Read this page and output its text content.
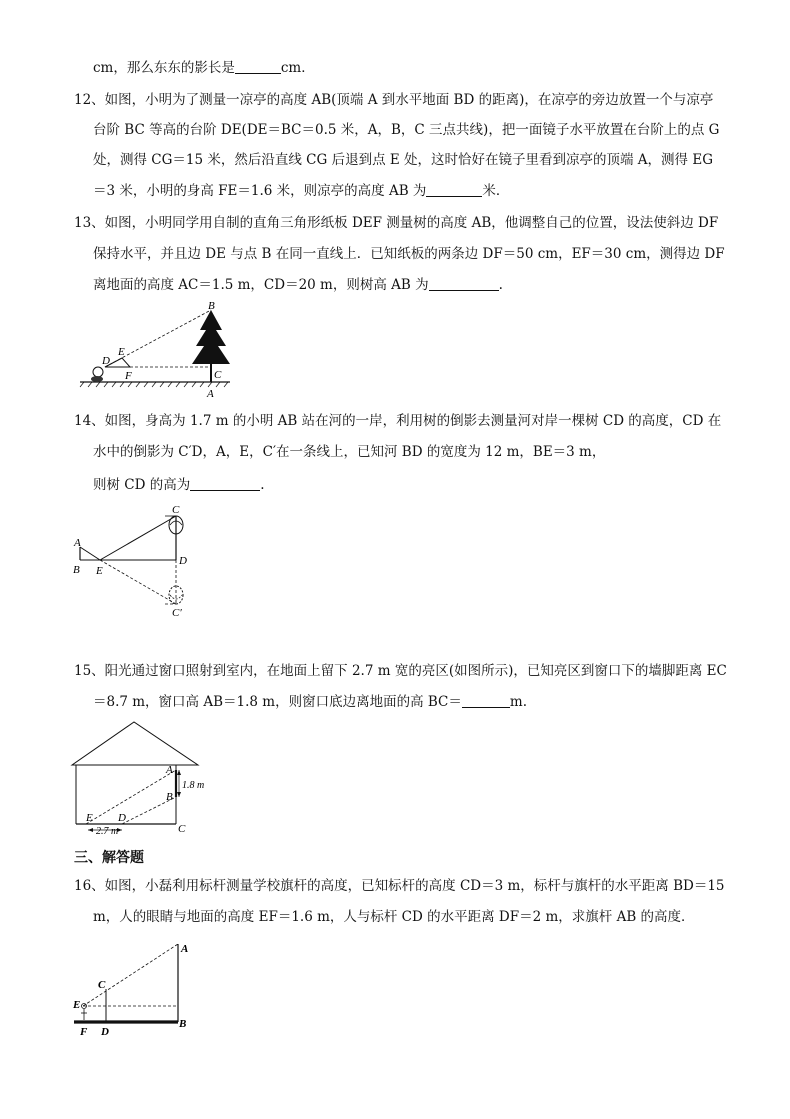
cm，那么东东的影长是	cm．
12、如图，小明为了测量一凉亭的高度 AB(顶端 A 到水平地面 BD 的距离)，在凉亭的旁边放置一个与凉亭
台阶 BC 等高的台阶 DE(DE＝BC＝0.5 米，A，B，C 三点共线)，把一面镜子水平放置在台阶上的点 G
处，测得 CG＝15 米，然后沿直线 CG 后退到点 E 处，这时恰好在镜子里看到凉亭的顶端 A，测得 EG
＝3 米，小明的身高 FE＝1.6 米，则凉亭的高度 AB 为	米．
13、如图，小明同学用自制的直角三角形纸板 DEF 测量树的高度 AB，他调整自己的位置，设法使斜边 DF
保持水平，并且边 DE 与点 B 在同一直线上．已知纸板的两条边 DF＝50 cm，EF＝30 cm，测得边 DF
离地面的高度 AC＝1.5 m，CD＝20 m，则树高 AB 为	.
B
D
E
F	C
A
14、如图，身高为 1.7 m 的小明 AB 站在河的一岸，利用树的倒影去测量河对岸一棵树 CD 的高度，CD 在
水中的倒影为 C′D，A，E，C′在一条线上，已知河 BD 的宽度为 12 m，BE＝3 m，
则树 CD 的高为	.
A
B E
C
D
C′
15、阳光通过窗口照射到室内，在地面上留下 2.7 m 宽的亮区(如图所示)，已知亮区到窗口下的墙脚距离 EC
＝8.7 m，窗口高 AB＝1.8 m，则窗口底边离地面的高 BC＝	m.
A
B
C
D
E
1.8 m
2.7 m
三、解答题
16、如图，小磊利用标杆测量学校旗杆的高度，已知标杆的高度 CD＝3 m，标杆与旗杆的水平距离 BD＝15
m，人的眼睛与地面的高度 EF＝1.6 m，人与标杆 CD 的水平距离 DF＝2 m，求旗杆 AB 的高度．
A
B
C
D
E
F
